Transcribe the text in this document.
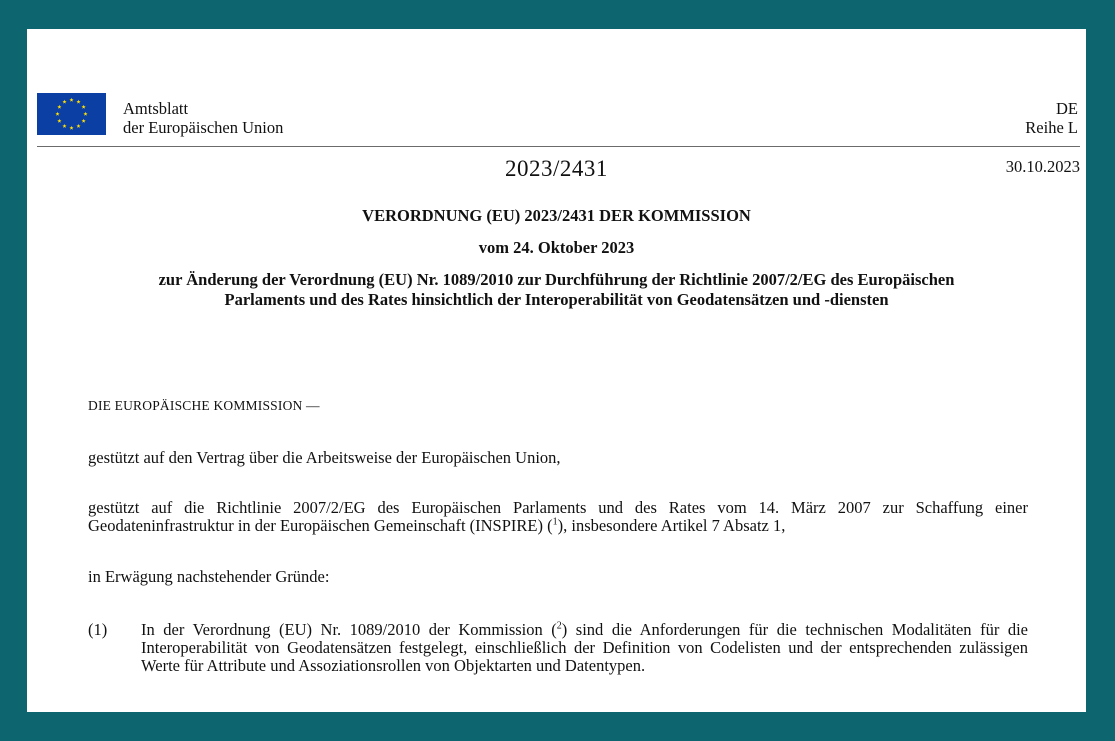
Amtsblatt
der Europäischen Union
DE
Reihe L
2023/2431	30.10.2023
VERORDNUNG (EU) 2023/2431 DER KOMMISSION
vom 24. Oktober 2023
zur Änderung der Verordnung (EU) Nr. 1089/2010 zur Durchführung der Richtlinie 2007/2/EG des Europäischen Parlaments und des Rates hinsichtlich der Interoperabilität von Geodatensätzen und -diensten
DIE EUROPÄISCHE KOMMISSION —
gestützt auf den Vertrag über die Arbeitsweise der Europäischen Union,
gestützt auf die Richtlinie 2007/2/EG des Europäischen Parlaments und des Rates vom 14. März 2007 zur Schaffung einer Geodateninfrastruktur in der Europäischen Gemeinschaft (INSPIRE) ($^1$), insbesondere Artikel 7 Absatz 1,
in Erwägung nachstehender Gründe:
(1) In der Verordnung (EU) Nr. 1089/2010 der Kommission ($^2$) sind die Anforderungen für die technischen Modalitäten für die Interoperabilität von Geodatensätzen festgelegt, einschließlich der Definition von Codelisten und der entsprechenden zulässigen Werte für Attribute und Assoziationsrollen von Objektarten und Datentypen.
